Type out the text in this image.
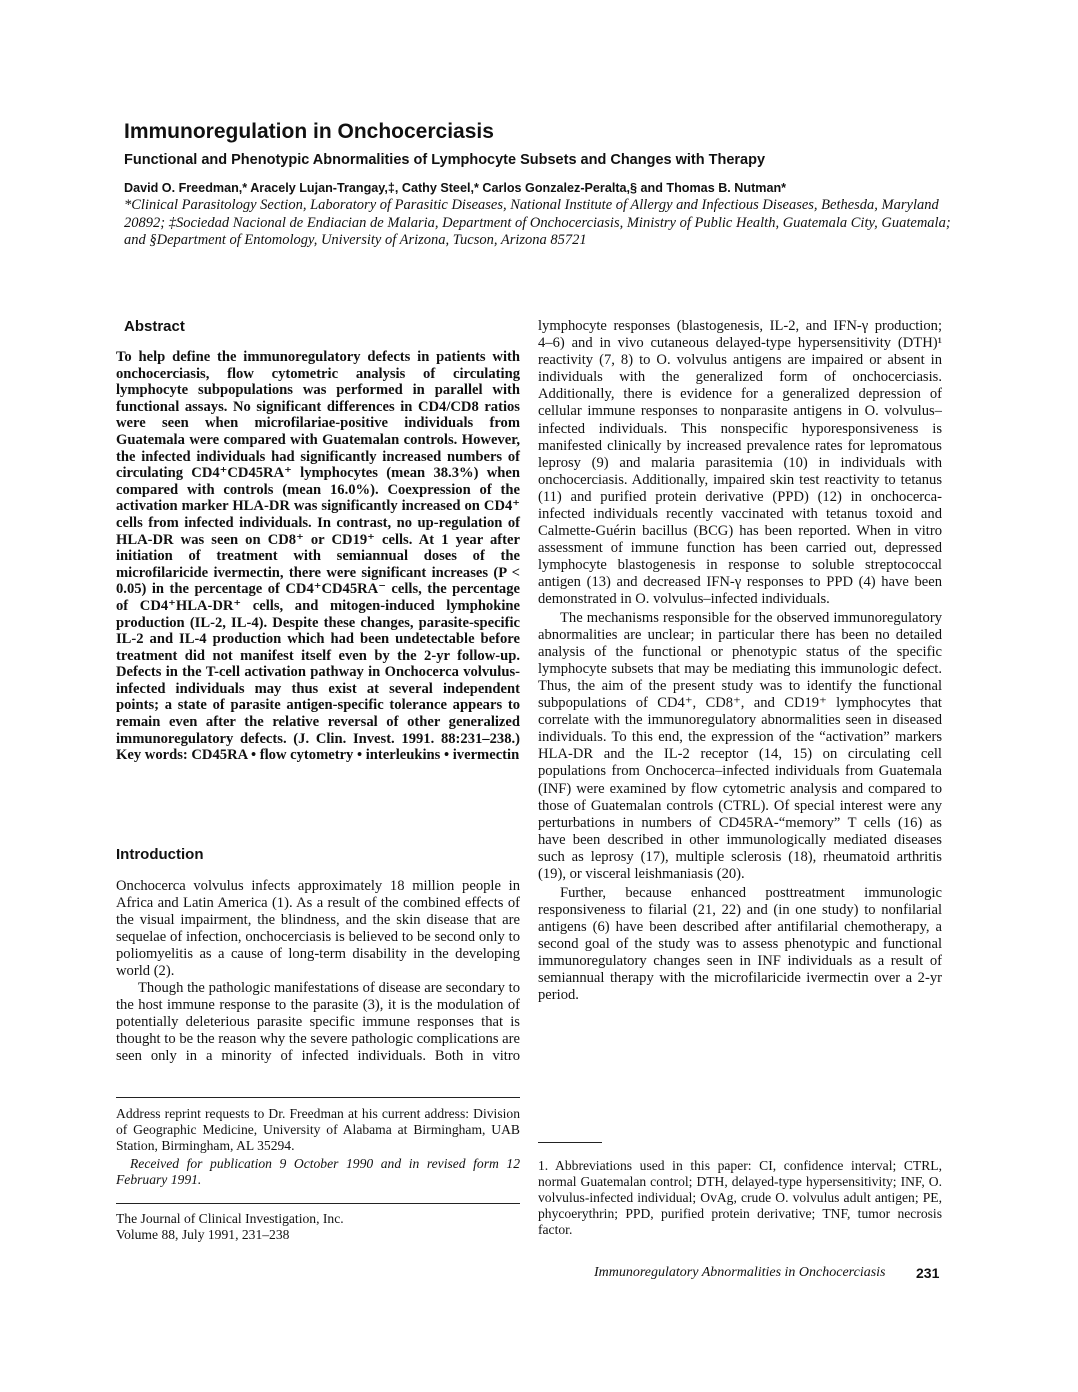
Immunoregulation in Onchocerciasis
Functional and Phenotypic Abnormalities of Lymphocyte Subsets and Changes with Therapy
David O. Freedman,* Aracely Lujan-Trangay,‡, Cathy Steel,* Carlos Gonzalez-Peralta,§ and Thomas B. Nutman*
*Clinical Parasitology Section, Laboratory of Parasitic Diseases, National Institute of Allergy and Infectious Diseases, Bethesda, Maryland 20892; ‡Sociedad Nacional de Endiacian de Malaria, Department of Onchocerciasis, Ministry of Public Health, Guatemala City, Guatemala; and §Department of Entomology, University of Arizona, Tucson, Arizona 85721
Abstract

To help define the immunoregulatory defects in patients with onchocerciasis, flow cytometric analysis of circulating lymphocyte subpopulations was performed in parallel with functional assays. No significant differences in CD4/CD8 ratios were seen when microfilariae-positive individuals from Guatemala were compared with Guatemalan controls. However, the infected individuals had significantly increased numbers of circulating CD4⁺CD45RA⁺ lymphocytes (mean 38.3%) when compared with controls (mean 16.0%). Coexpression of the activation marker HLA-DR was significantly increased on CD4⁺ cells from infected individuals. In contrast, no up-regulation of HLA-DR was seen on CD8⁺ or CD19⁺ cells. At 1 year after initiation of treatment with semiannual doses of the microfilaricide ivermectin, there were significant increases (P < 0.05) in the percentage of CD4⁺CD45RA⁻ cells, the percentage of CD4⁺HLA-DR⁺ cells, and mitogen-induced lymphokine production (IL-2, IL-4). Despite these changes, parasite-specific IL-2 and IL-4 production which had been undetectable before treatment did not manifest itself even by the 2-yr follow-up. Defects in the T-cell activation pathway in Onchocerca volvulus-infected individuals may thus exist at several independent points; a state of parasite antigen-specific tolerance appears to remain even after the relative reversal of other generalized immunoregulatory defects. (J. Clin. Invest. 1991. 88:231–238.) Key words: CD45RA • flow cytometry • interleukins • ivermectin

Introduction

Onchocerca volvulus infects approximately 18 million people in Africa and Latin America (1). As a result of the combined effects of the visual impairment, the blindness, and the skin disease that are sequelae of infection, onchocerciasis is believed to be second only to poliomyelitis as a cause of long-term disability in the developing world (2).

Though the pathologic manifestations of disease are secondary to the host immune response to the parasite (3), it is the modulation of potentially deleterious parasite specific immune responses that is thought to be the reason why the severe pathologic complications are seen only in a minority of infected individuals. Both in vitro

Address reprint requests to Dr. Freedman at his current address: Division of Geographic Medicine, University of Alabama at Birmingham, UAB Station, Birmingham, AL 35294.

Received for publication 9 October 1990 and in revised form 12 February 1991.

The Journal of Clinical Investigation, Inc.

Volume 88, July 1991, 231–238

lymphocyte responses (blastogenesis, IL-2, and IFN-γ production; 4–6) and in vivo cutaneous delayed-type hypersensitivity (DTH)¹ reactivity (7, 8) to O. volvulus antigens are impaired or absent in individuals with the generalized form of onchocerciasis. Additionally, there is evidence for a generalized depression of cellular immune responses to nonparasite antigens in O. volvulus–infected individuals. This nonspecific hyporesponsiveness is manifested clinically by increased prevalence rates for lepromatous leprosy (9) and malaria parasitemia (10) in individuals with onchocerciasis. Additionally, impaired skin test reactivity to tetanus (11) and purified protein derivative (PPD) (12) in onchocerca-infected individuals recently vaccinated with tetanus toxoid and Calmette-Guérin bacillus (BCG) has been reported. When in vitro assessment of immune function has been carried out, depressed lymphocyte blastogenesis in response to soluble streptococcal antigen (13) and decreased IFN-γ responses to PPD (4) have been demonstrated in O. volvulus–infected individuals.

The mechanisms responsible for the observed immunoregulatory abnormalities are unclear; in particular there has been no detailed analysis of the functional or phenotypic status of the specific lymphocyte subsets that may be mediating this immunologic defect. Thus, the aim of the present study was to identify the functional subpopulations of CD4⁺, CD8⁺, and CD19⁺ lymphocytes that correlate with the immunoregulatory abnormalities seen in diseased individuals. To this end, the expression of the “activation” markers HLA-DR and the IL-2 receptor (14, 15) on circulating cell populations from Onchocerca–infected individuals from Guatemala (INF) were examined by flow cytometric analysis and compared to those of Guatemalan controls (CTRL). Of special interest were any perturbations in numbers of CD45RA-“memory” T cells (16) as have been described in other immunologically mediated diseases such as leprosy (17), multiple sclerosis (18), rheumatoid arthritis (19), or visceral leishmaniasis (20).

Further, because enhanced posttreatment immunologic responsiveness to filarial (21, 22) and (in one study) to nonfilarial antigens (6) have been described after antifilarial chemotherapy, a second goal of the study was to assess phenotypic and functional immunoregulatory changes seen in INF individuals as a result of semiannual therapy with the microfilaricide ivermectin over a 2-yr period.

1. Abbreviations used in this paper: CI, confidence interval; CTRL, normal Guatemalan control; DTH, delayed-type hypersensitivity; INF, O. volvulus-infected individual; OvAg, crude O. volvulus adult antigen; PE, phycoerythrin; PPD, purified protein derivative; TNF, tumor necrosis factor.

Immunoregulatory Abnormalities in Onchocerciasis 231
